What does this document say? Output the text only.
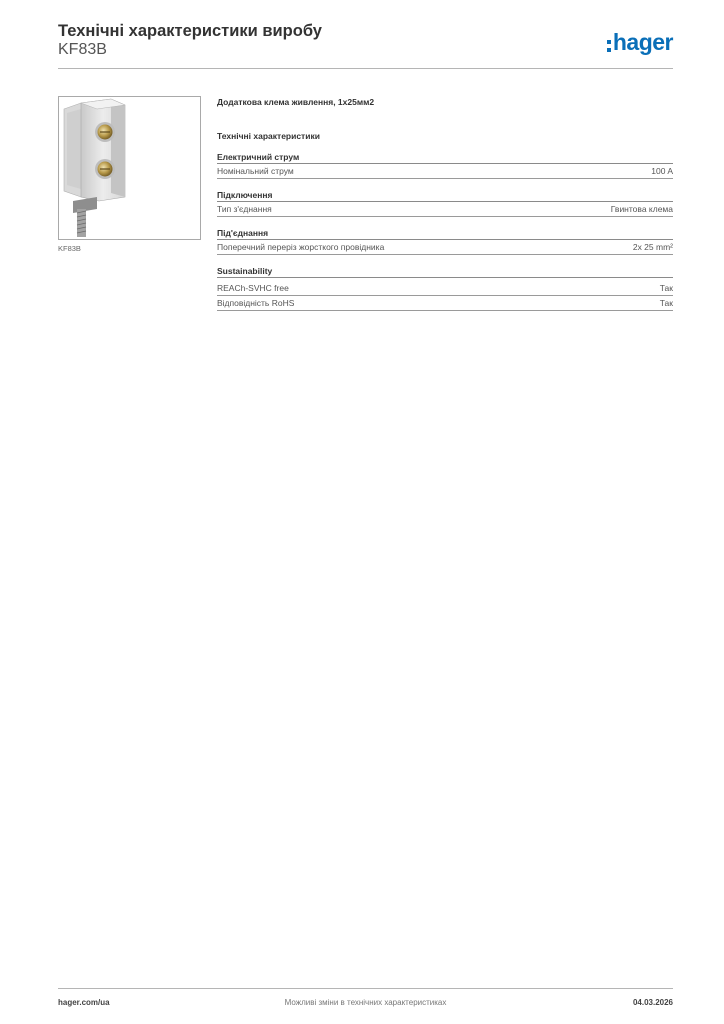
Технічні характеристики виробу
KF83B	hager
KF83B
Додаткова клема живлення, 1x25мм2
Технічні характеристики
Електричний струм
Номінальний струм	100 A
Підключення
Тип з'єднання	Гвинтова клема
Під'єднання
Поперечний переріз жорсткого провідника	2x 25 mm²
Sustainability
REACh-SVHC free	Так
Відповідність RoHS	Так
hager.com/ua	Можливі зміни в технічних характеристиках	04.03.2026
